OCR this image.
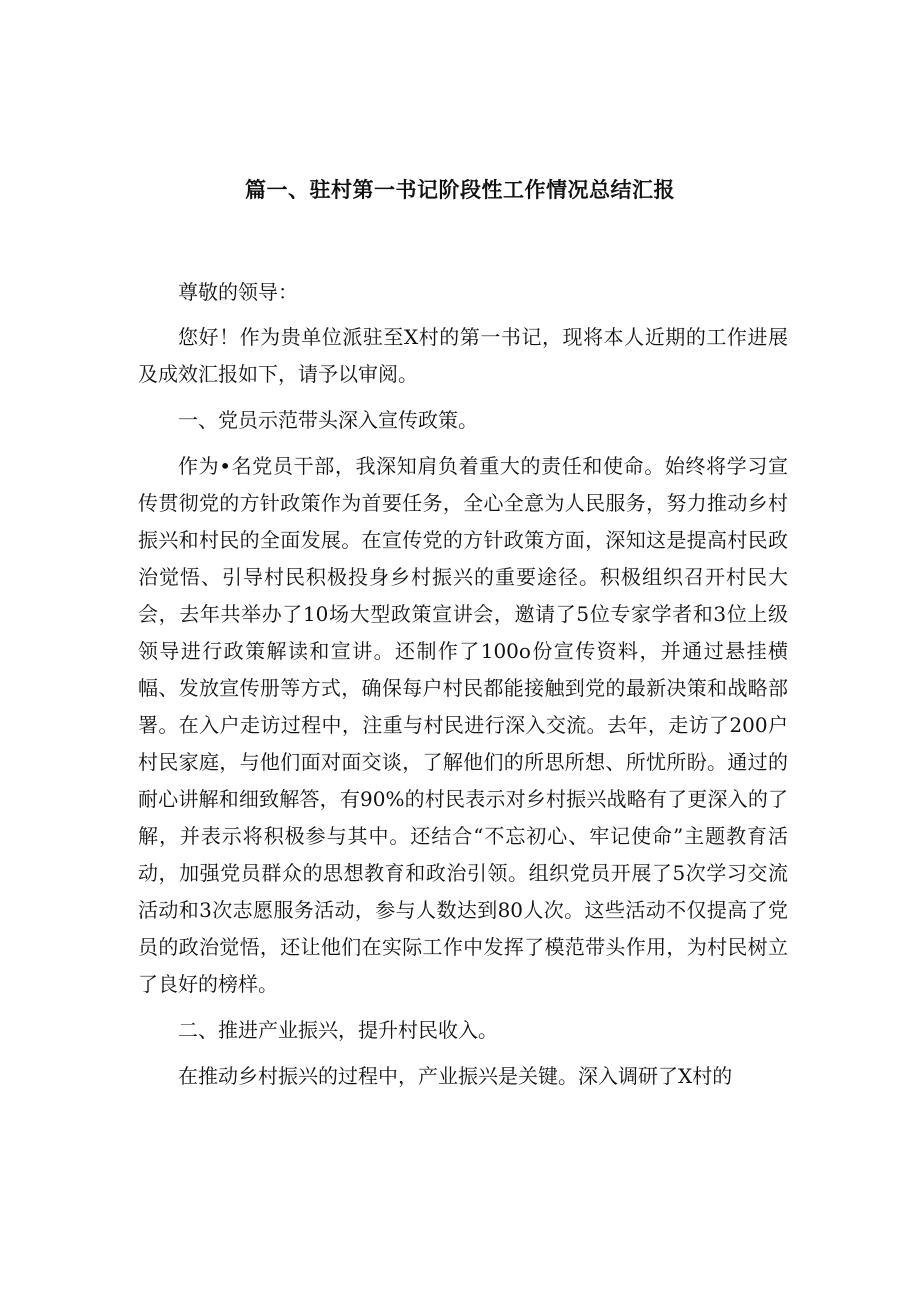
篇一、驻村第一书记阶段性工作情况总结汇报

尊敬的领导：

您好！作为贵单位派驻至X村的第一书记，现将本人近期的工作进展及成效汇报如下，请予以审阅。

一、党员示范带头深入宣传政策。

作为•名党员干部，我深知肩负着重大的责任和使命。始终将学习宣传贯彻党的方针政策作为首要任务，全心全意为人民服务，努力推动乡村振兴和村民的全面发展。在宣传党的方针政策方面，深知这是提高村民政治觉悟、引导村民积极投身乡村振兴的重要途径。积极组织召开村民大会，去年共举办了10场大型政策宣讲会，邀请了5位专家学者和3位上级领导进行政策解读和宣讲。还制作了100o份宣传资料，并通过悬挂横幅、发放宣传册等方式，确保每户村民都能接触到党的最新决策和战略部署。在入户走访过程中，注重与村民进行深入交流。去年，走访了200户村民家庭，与他们面对面交谈，了解他们的所思所想、所忧所盼。通过的耐心讲解和细致解答，有90%的村民表示对乡村振兴战略有了更深入的了解，并表示将积极参与其中。还结合“不忘初心、牢记使命”主题教育活动，加强党员群众的思想教育和政治引领。组织党员开展了5次学习交流活动和3次志愿服务活动，参与人数达到80人次。这些活动不仅提高了党员的政治觉悟，还让他们在实际工作中发挥了模范带头作用，为村民树立了良好的榜样。

二、推进产业振兴，提升村民收入。

在推动乡村振兴的过程中，产业振兴是关键。深入调研了X村的
